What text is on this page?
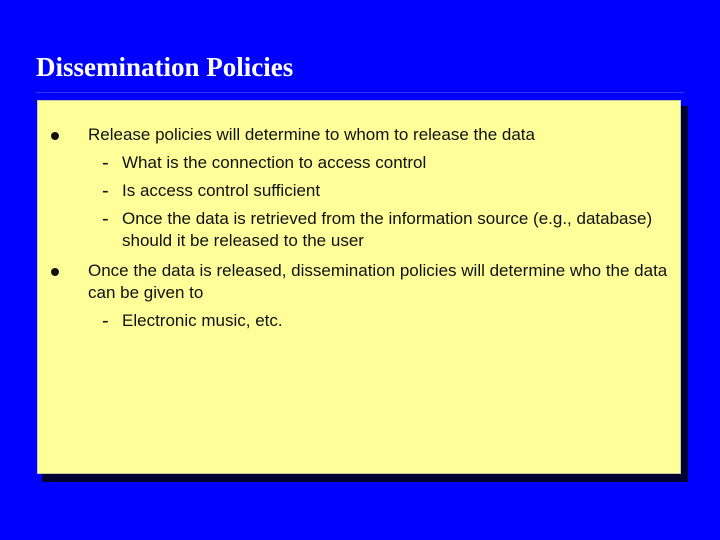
Dissemination Policies
Release policies will determine to whom to release the data
- What is the connection to access control
- Is access control sufficient
- Once the data is retrieved from the information source (e.g., database) should it be released to the user
Once the data is released, dissemination policies will determine who the data can be given to
- Electronic music, etc.
